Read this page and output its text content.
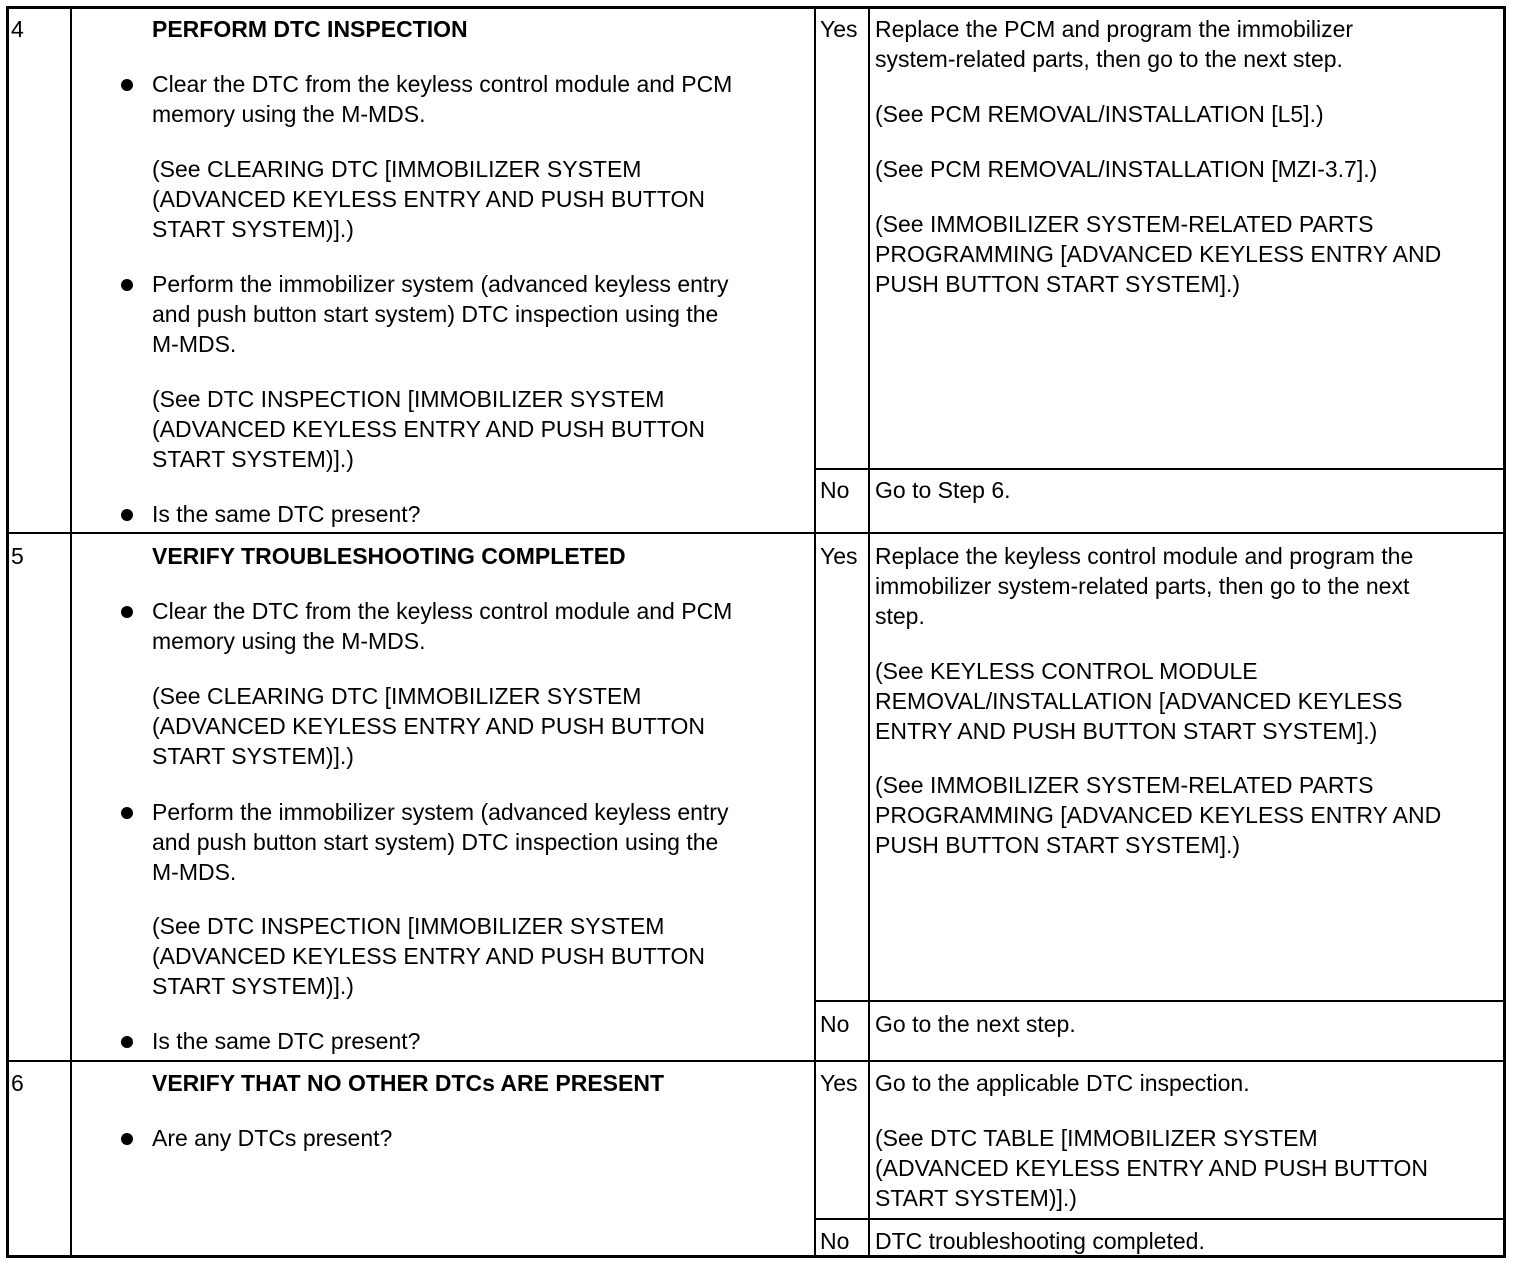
4	PERFORM DTC INSPECTION
Clear the DTC from the keyless control module and PCM
memory using the M-MDS.
(See CLEARING DTC [IMMOBILIZER SYSTEM
(ADVANCED KEYLESS ENTRY AND PUSH BUTTON
START SYSTEM)].)
Perform the immobilizer system (advanced keyless entry
and push button start system) DTC inspection using the
M-MDS.
(See DTC INSPECTION [IMMOBILIZER SYSTEM
(ADVANCED KEYLESS ENTRY AND PUSH BUTTON
START SYSTEM)].)
Is the same DTC present?
Yes Replace the PCM and program the immobilizer
system-related parts, then go to the next step.
(See PCM REMOVAL/INSTALLATION [L5].)
(See PCM REMOVAL/INSTALLATION [MZI-3.7].)
(See IMMOBILIZER SYSTEM-RELATED PARTS
PROGRAMMING [ADVANCED KEYLESS ENTRY AND
PUSH BUTTON START SYSTEM].)
No Go to Step 6.
5	VERIFY TROUBLESHOOTING COMPLETED
Clear the DTC from the keyless control module and PCM
memory using the M-MDS.
(See CLEARING DTC [IMMOBILIZER SYSTEM
(ADVANCED KEYLESS ENTRY AND PUSH BUTTON
START SYSTEM)].)
Perform the immobilizer system (advanced keyless entry
and push button start system) DTC inspection using the
M-MDS.
(See DTC INSPECTION [IMMOBILIZER SYSTEM
(ADVANCED KEYLESS ENTRY AND PUSH BUTTON
START SYSTEM)].)
Is the same DTC present?
Yes Replace the keyless control module and program the
immobilizer system-related parts, then go to the next
step.
(See KEYLESS CONTROL MODULE
REMOVAL/INSTALLATION [ADVANCED KEYLESS
ENTRY AND PUSH BUTTON START SYSTEM].)
(See IMMOBILIZER SYSTEM-RELATED PARTS
PROGRAMMING [ADVANCED KEYLESS ENTRY AND
PUSH BUTTON START SYSTEM].)
No Go to the next step.
6	VERIFY THAT NO OTHER DTCs ARE PRESENT
Are any DTCs present?
Yes Go to the applicable DTC inspection.
(See DTC TABLE [IMMOBILIZER SYSTEM
(ADVANCED KEYLESS ENTRY AND PUSH BUTTON
START SYSTEM)].)
No DTC troubleshooting completed.
